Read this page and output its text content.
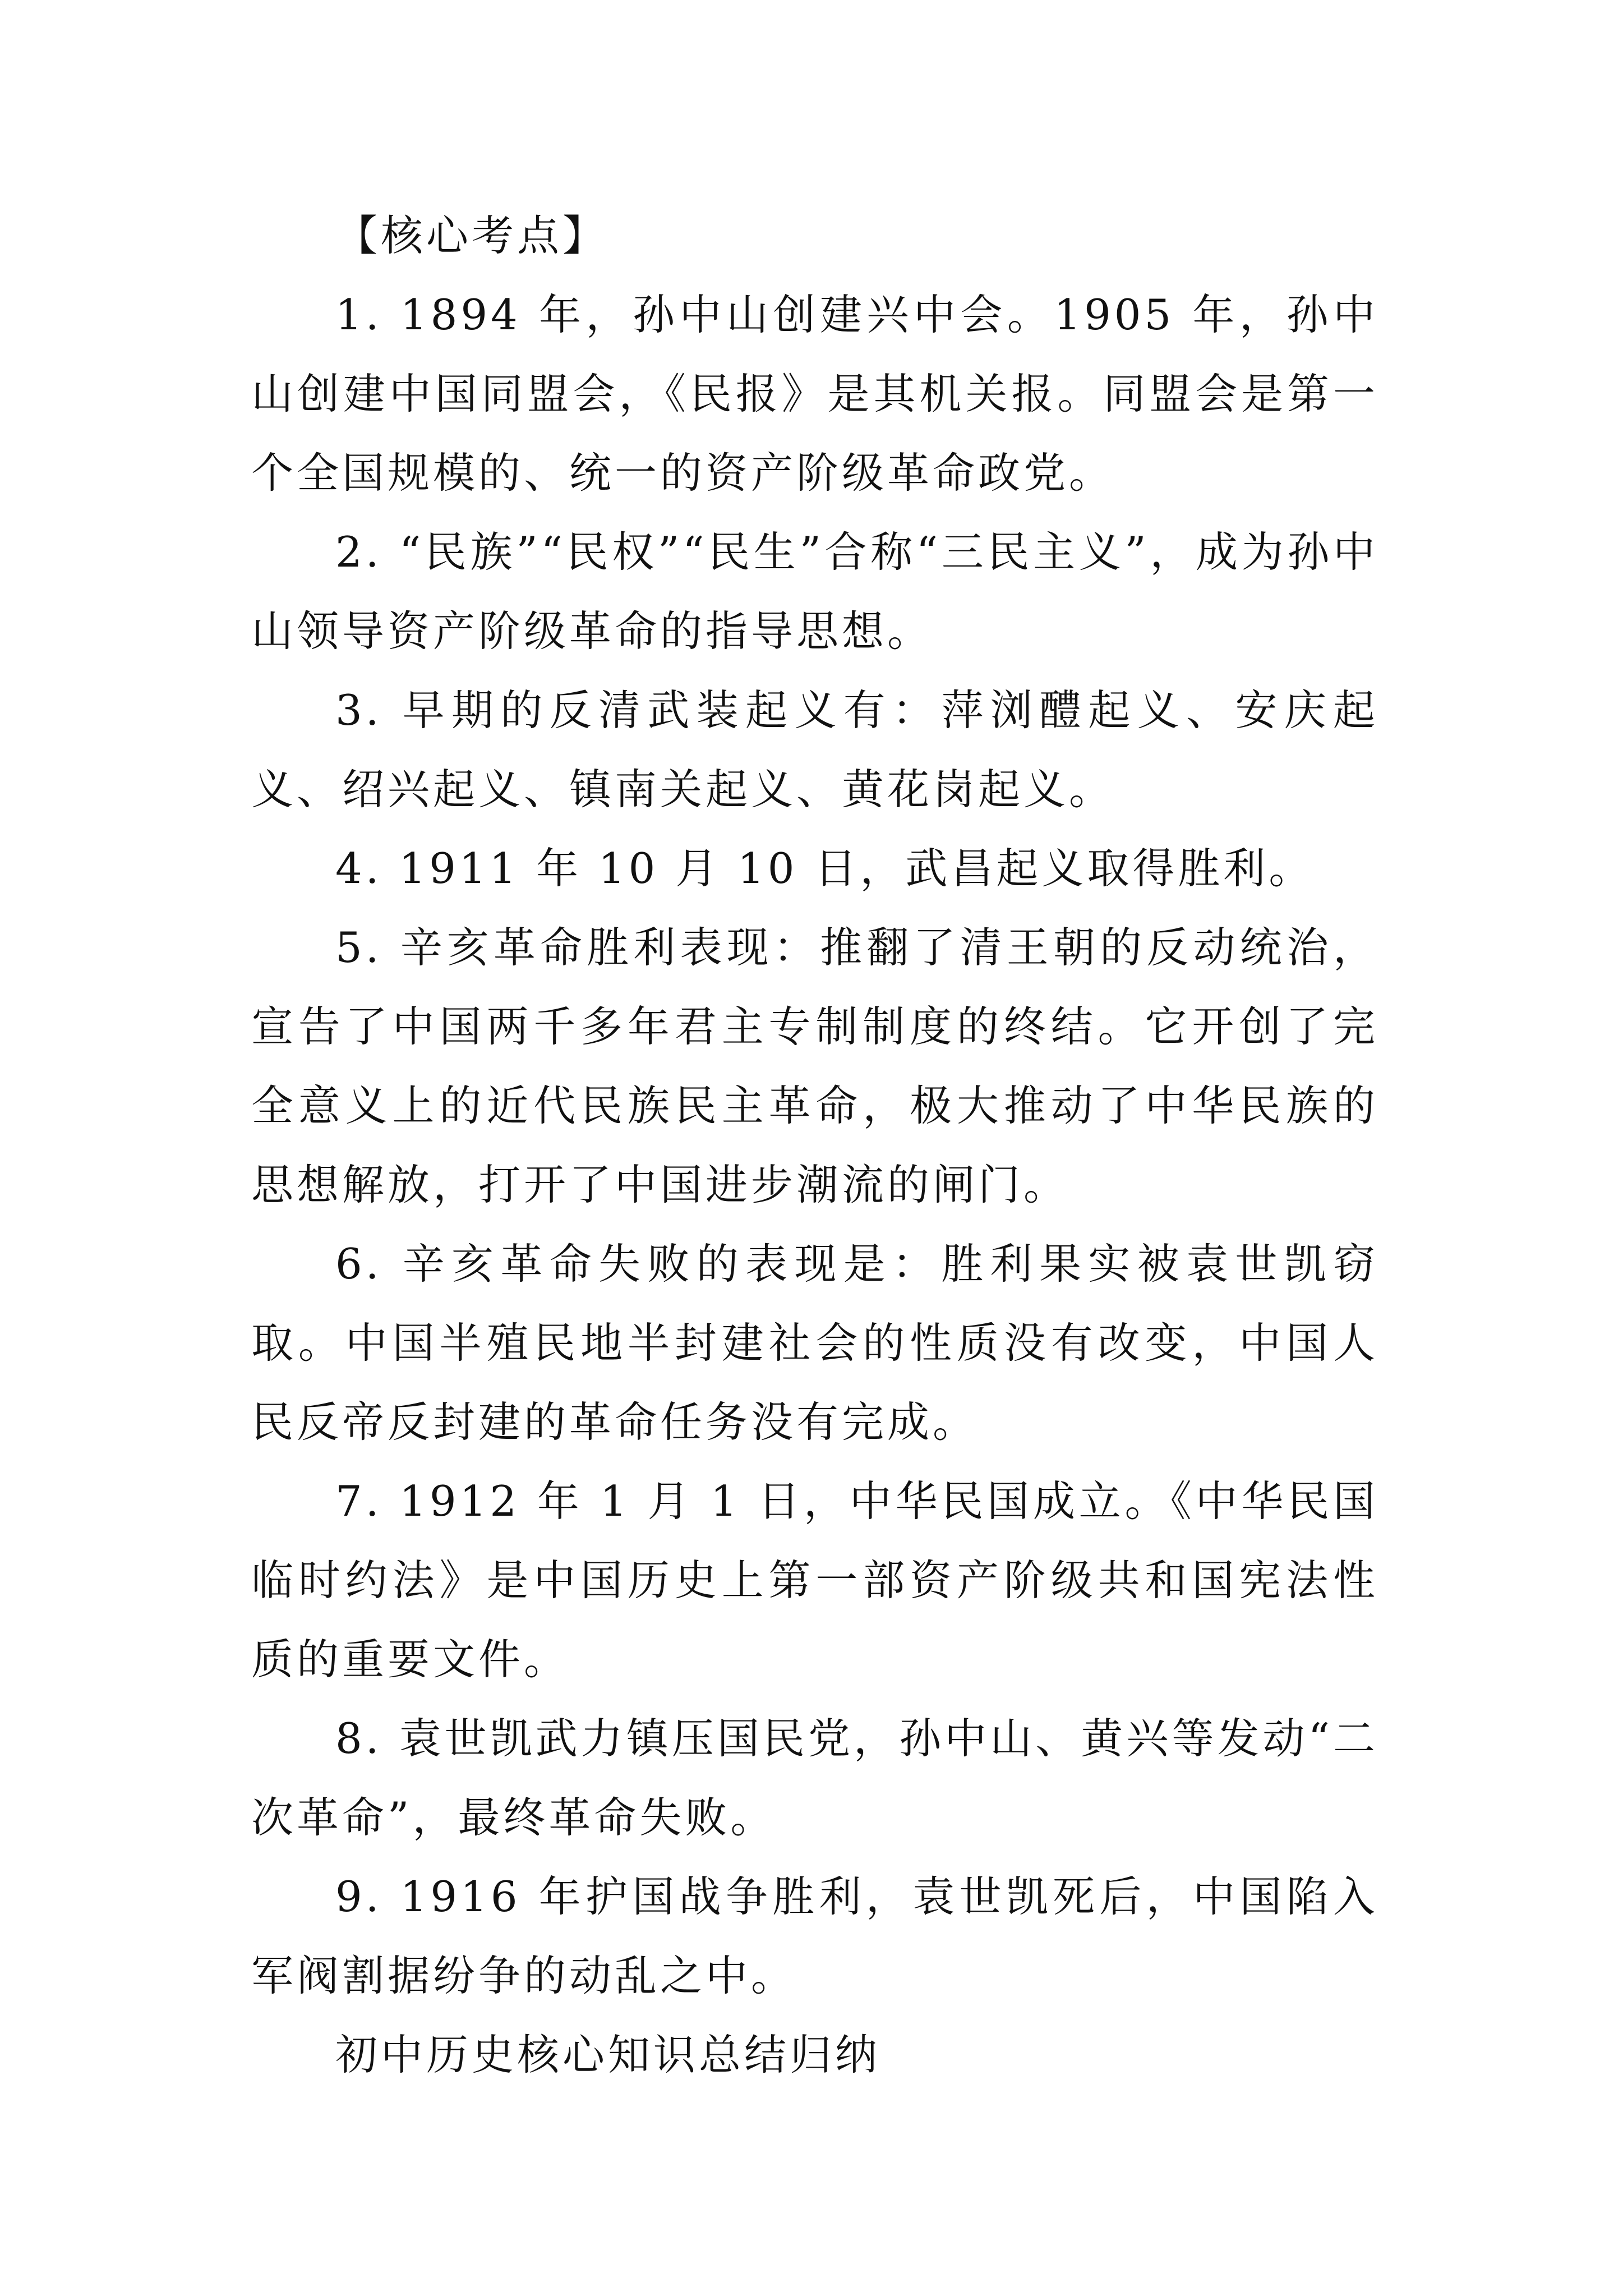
【核心考点】

1. 1894 年，孙中山创建兴中会。1905 年，孙中山创建中国同盟会，《民报》是其机关报。同盟会是第一个全国规模的、统一的资产阶级革命政党。

2. “民族”“民权”“民生”合称“三民主义”，成为孙中山领导资产阶级革命的指导思想。

3. 早期的反清武装起义有：萍浏醴起义、安庆起义、绍兴起义、镇南关起义、黄花岗起义。

4. 1911 年 10 月 10 日，武昌起义取得胜利。

5. 辛亥革命胜利表现：推翻了清王朝的反动统治，宣告了中国两千多年君主专制制度的终结。它开创了完全意义上的近代民族民主革命，极大推动了中华民族的思想解放，打开了中国进步潮流的闸门。

6. 辛亥革命失败的表现是：胜利果实被袁世凯窃取。中国半殖民地半封建社会的性质没有改变，中国人民反帝反封建的革命任务没有完成。

7. 1912 年 1 月 1 日，中华民国成立。《中华民国临时约法》是中国历史上第一部资产阶级共和国宪法性质的重要文件。

8. 袁世凯武力镇压国民党，孙中山、黄兴等发动“二次革命”，最终革命失败。

9. 1916 年护国战争胜利，袁世凯死后，中国陷入军阀割据纷争的动乱之中。

初中历史核心知识总结归纳
